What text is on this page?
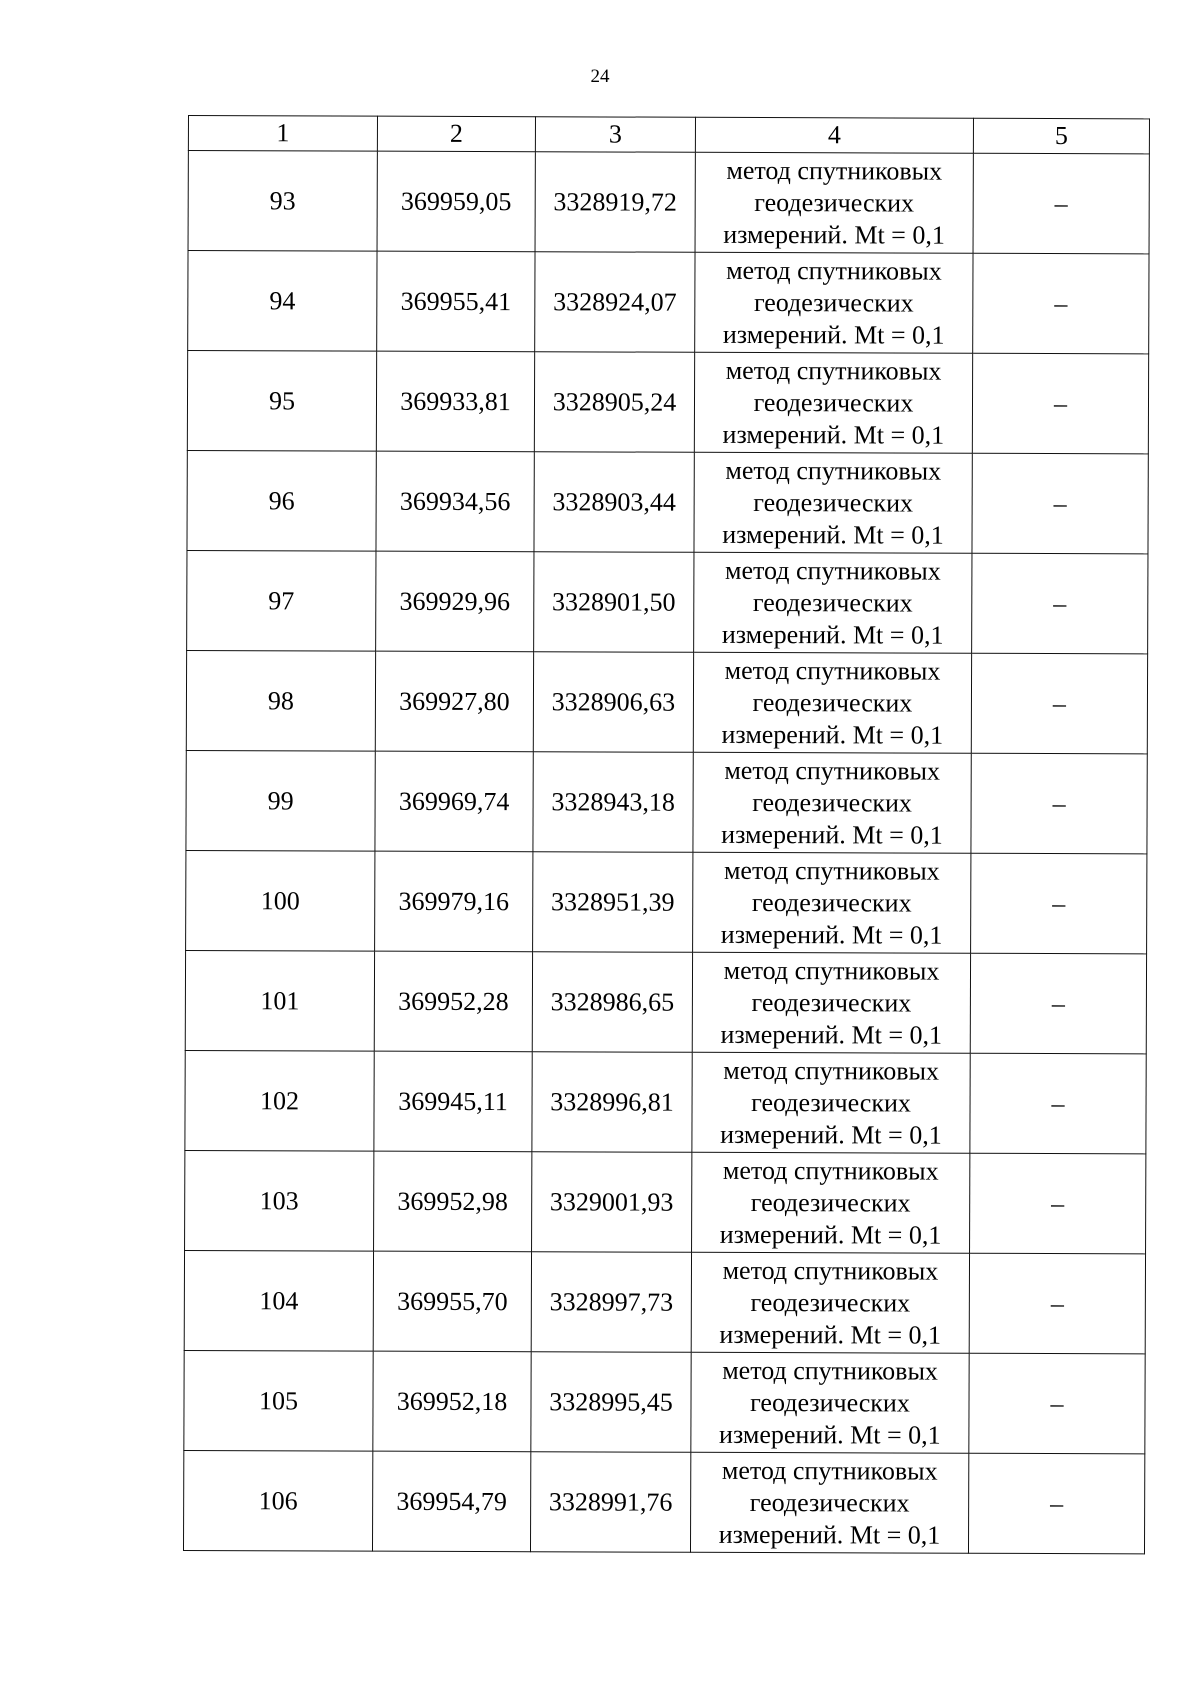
24
1	2	3	4	5
93	369959,05	3328919,72	метод спутниковых
геодезических
измерений. Mt = 0,1	–
94	369955,41	3328924,07	метод спутниковых
геодезических
измерений. Mt = 0,1	–
95	369933,81	3328905,24	метод спутниковых
геодезических
измерений. Mt = 0,1	–
96	369934,56	3328903,44	метод спутниковых
геодезических
измерений. Mt = 0,1	–
97	369929,96	3328901,50	метод спутниковых
геодезических
измерений. Mt = 0,1	–
98	369927,80	3328906,63	метод спутниковых
геодезических
измерений. Mt = 0,1	–
99	369969,74	3328943,18	метод спутниковых
геодезических
измерений. Mt = 0,1	–
100	369979,16	3328951,39	метод спутниковых
геодезических
измерений. Mt = 0,1	–
101	369952,28	3328986,65	метод спутниковых
геодезических
измерений. Mt = 0,1	–
102	369945,11	3328996,81	метод спутниковых
геодезических
измерений. Mt = 0,1	–
103	369952,98	3329001,93	метод спутниковых
геодезических
измерений. Mt = 0,1	–
104	369955,70	3328997,73	метод спутниковых
геодезических
измерений. Mt = 0,1	–
105	369952,18	3328995,45	метод спутниковых
геодезических
измерений. Mt = 0,1	–
106	369954,79	3328991,76	метод спутниковых
геодезических
измерений. Mt = 0,1	–
